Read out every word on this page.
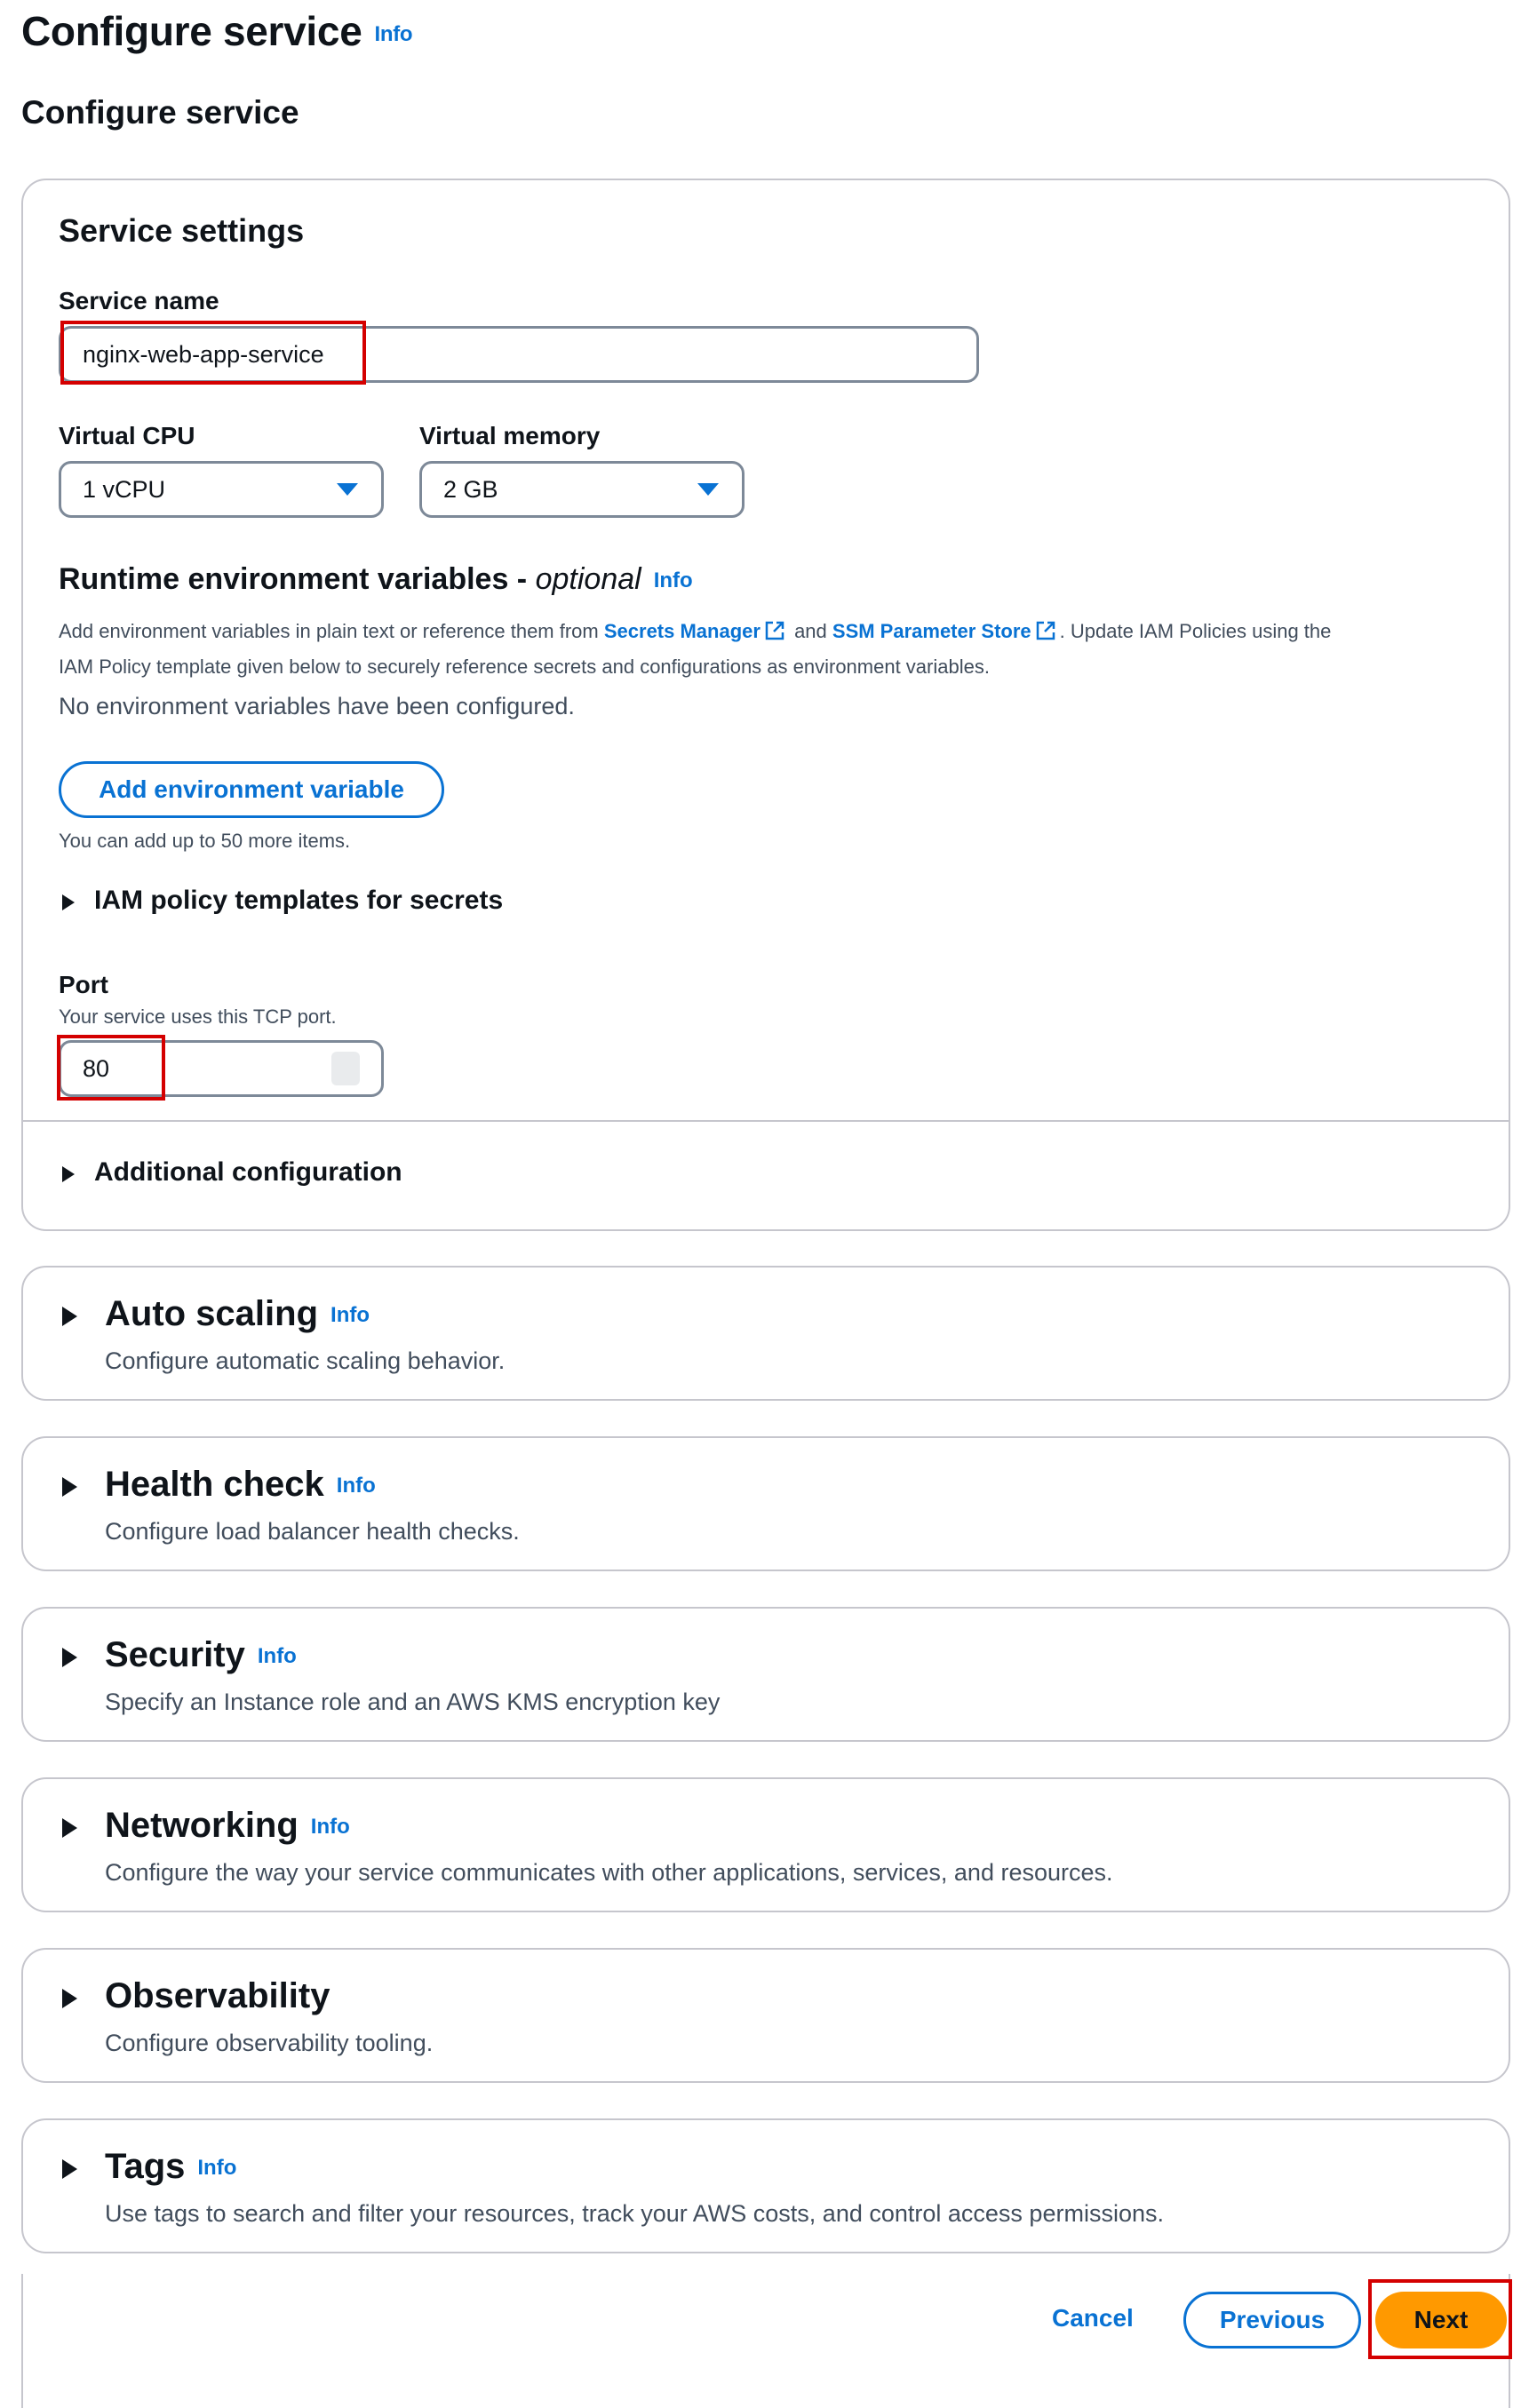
Configure service Info
Configure service
Service settings
Service name
nginx-web-app-service
Virtual CPU
1 vCPU
Virtual memory
2 GB
Runtime environment variables - optional Info
Add environment variables in plain text or reference them from Secrets Manager and SSM Parameter Store . Update IAM Policies using the
IAM Policy template given below to securely reference secrets and configurations as environment variables.
No environment variables have been configured.
Add environment variable
You can add up to 50 more items.
IAM policy templates for secrets
Port
Your service uses this TCP port.
80
Additional configuration
Auto scaling Info
Configure automatic scaling behavior.
Health check Info
Configure load balancer health checks.
Security Info
Specify an Instance role and an AWS KMS encryption key
Networking Info
Configure the way your service communicates with other applications, services, and resources.
Observability
Configure observability tooling.
Tags Info
Use tags to search and filter your resources, track your AWS costs, and control access permissions.
Cancel	Previous	Next
